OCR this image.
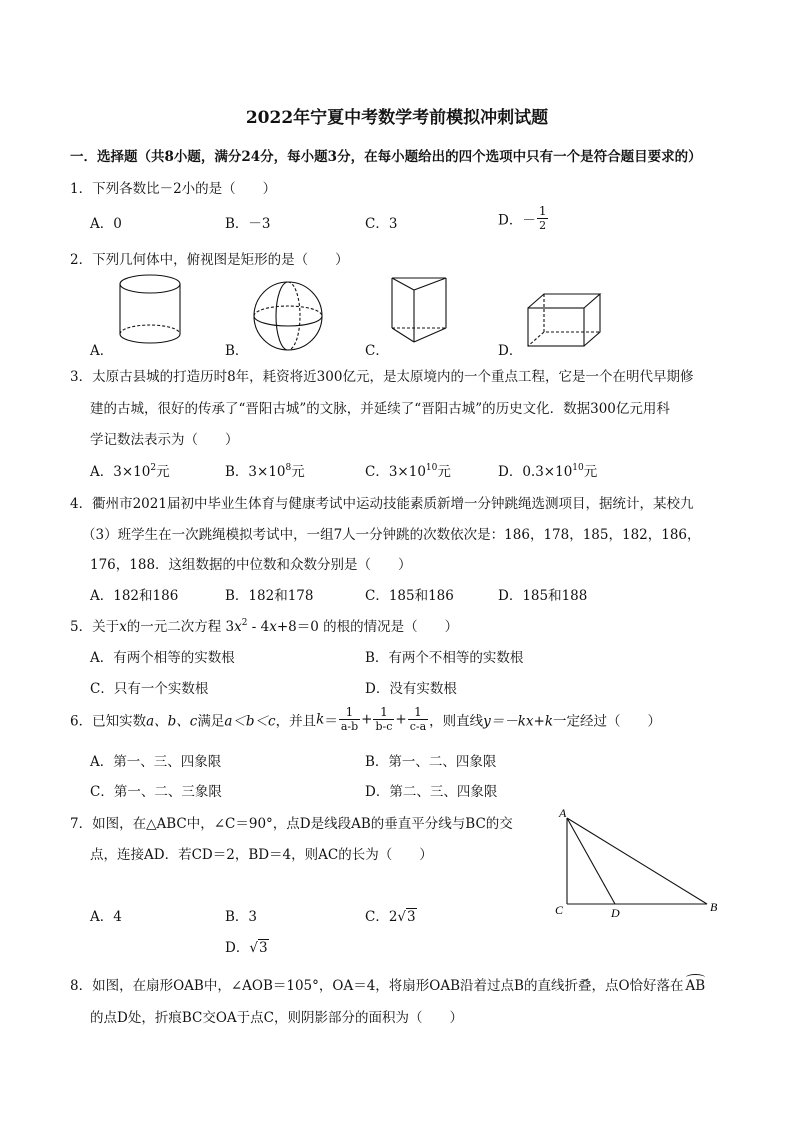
2022年宁夏中考数学考前模拟冲刺试题
一．选择题（共8小题，满分24分，每小题3分，在每小题给出的四个选项中只有一个是符合题目要求的）
1．下列各数比－2小的是（　　）
A．0	B．－3	C．3	D．－ $\frac{1}{2}$
2．下列几何体中，俯视图是矩形的是（　　）
A．	B．	C．	D．
3．太原古县城的打造历时8年，耗资将近300亿元，是太原境内的一个重点工程，它是一个在明代早期修
建的古城，很好的传承了“晋阳古城”的文脉，并延续了“晋阳古城”的历史文化．数据300亿元用科
学记数法表示为（　　）
A．$3\times 10^2$元	B．$3\times 10^8$元	C．$3\times 10^{10}$元	D．$0.3\times 10^{10}$元
4．衢州市2021届初中毕业生体育与健康考试中运动技能素质新增一分钟跳绳选测项目，据统计，某校九
（3）班学生在一次跳绳模拟考试中，一组7人一分钟跳的次数依次是：186，178，185，182，186，
176，188．这组数据的中位数和众数分别是（　　）
A．182和186	B．182和178	C．185和186	D．185和188
5．关于x的一元二次方程 $3x^2 - 4x+8=0$ 的根的情况是（　　）
A．有两个相等的实数根	B．有两个不相等的实数根
C．只有一个实数根	D．没有实数根
6．已知实数a、b、c满足a＜b＜c，并且$k= \frac{1}{a-b} + \frac{1}{b-c} + \frac{1}{c-a}$ ，则直线y＝－kx+k一定经过（　　）
A．第一、三、四象限	B．第一、二、四象限
C．第一、二、三象限	D．第二、三、四象限
7．如图，在△ABC中，∠C＝90°，点D是线段AB的垂直平分线与BC的交
点，连接AD．若CD＝2，BD＝4，则AC的长为（　　）
A．4	B．3	C．2√3
D．√3
A
C	D	B
8．如图，在扇形OAB中，∠AOB＝105°，OA＝4，将扇形OAB沿着过点B的直线折叠，点O恰好落在 AB
的点D处，折痕BC交OA于点C，则阴影部分的面积为（　　）
